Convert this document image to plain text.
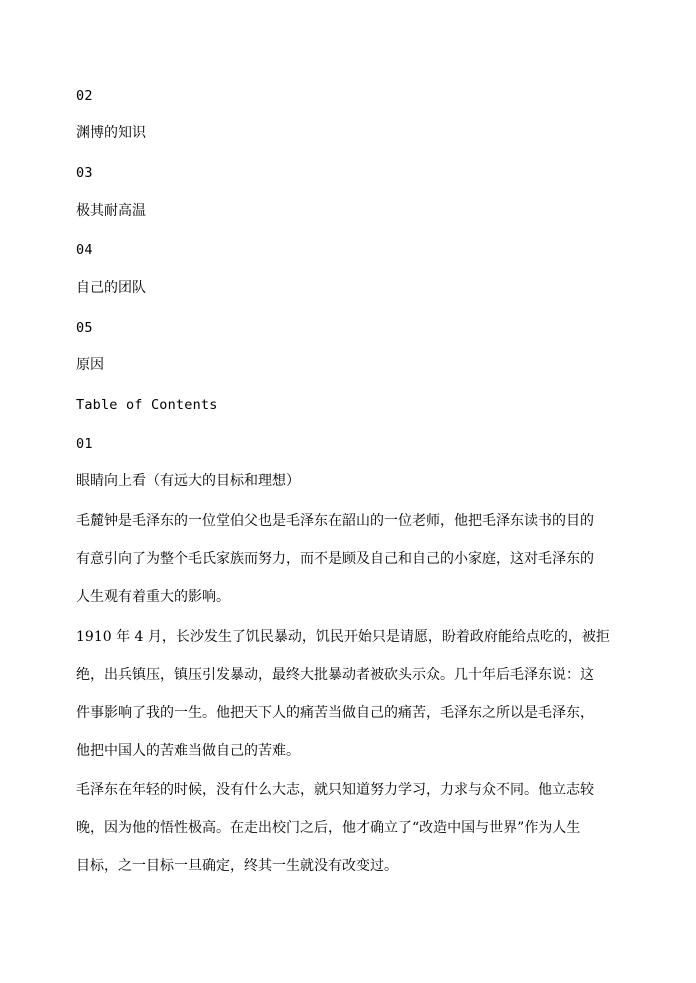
02
渊博的知识
03
极其耐高温
04
自己的团队
05
原因
Table of Contents
01
眼睛向上看（有远大的目标和理想）
毛麓钟是毛泽东的一位堂伯父也是毛泽东在韶山的一位老师，他把毛泽东读书的目的
有意引向了为整个毛氏家族而努力，而不是顾及自己和自己的小家庭，这对毛泽东的
人生观有着重大的影响。
1910 年 4 月，长沙发生了饥民暴动，饥民开始只是请愿，盼着政府能给点吃的，被拒
绝，出兵镇压，镇压引发暴动，最终大批暴动者被砍头示众。几十年后毛泽东说：这
件事影响了我的一生。他把天下人的痛苦当做自己的痛苦，毛泽东之所以是毛泽东，
他把中国人的苦难当做自己的苦难。
毛泽东在年轻的时候，没有什么大志，就只知道努力学习，力求与众不同。他立志较
晚，因为他的悟性极高。在走出校门之后，他才确立了“改造中国与世界”作为人生
目标，之一目标一旦确定，终其一生就没有改变过。
